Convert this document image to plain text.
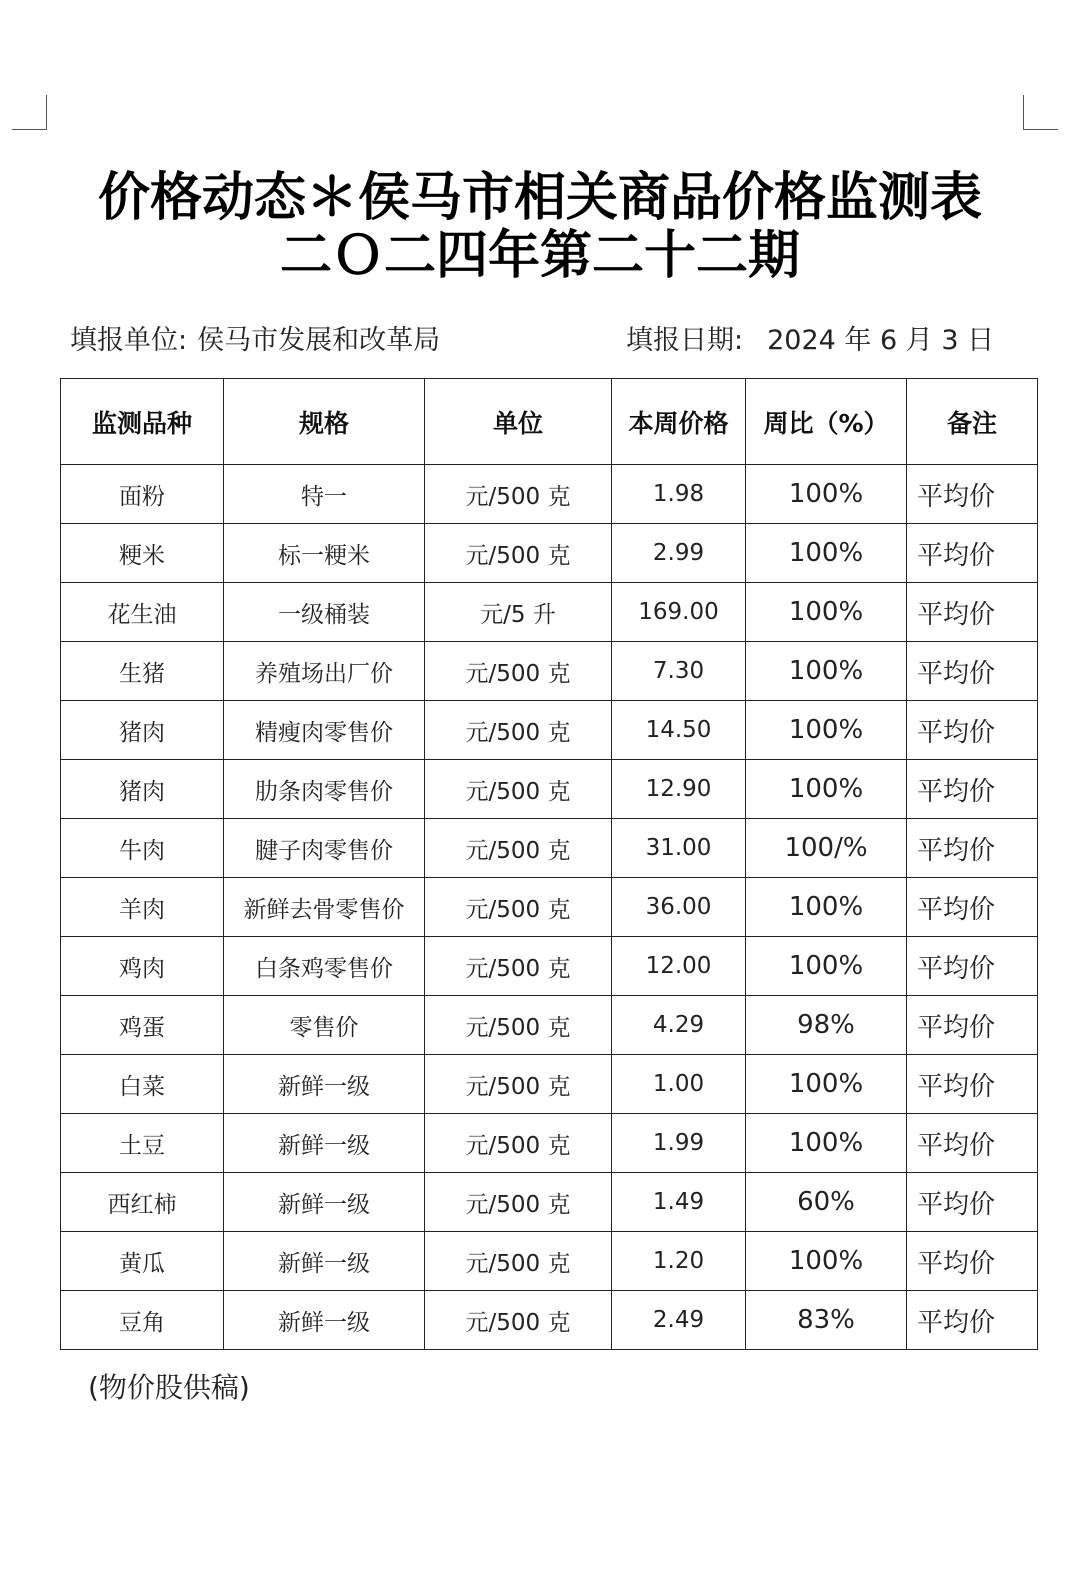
价格动态＊侯马市相关商品价格监测表
二Ｏ二四年第二十二期
填报单位: 侯马市发展和改革局	填报日期: 2024 年 6 月 3 日
监测品种	规格	单位	本周价格	周比（%）	备注
面粉	特一	元/500 克	1.98	100%	平均价
粳米	标一粳米	元/500 克	2.99	100%	平均价
花生油	一级桶装	元/5 升	169.00	100%	平均价
生猪	养殖场出厂价	元/500 克	7.30	100%	平均价
猪肉	精瘦肉零售价	元/500 克	14.50	100%	平均价
猪肉	肋条肉零售价	元/500 克	12.90	100%	平均价
牛肉	腱子肉零售价	元/500 克	31.00	100/%	平均价
羊肉	新鲜去骨零售价	元/500 克	36.00	100%	平均价
鸡肉	白条鸡零售价	元/500 克	12.00	100%	平均价
鸡蛋	零售价	元/500 克	4.29	98%	平均价
白菜	新鲜一级	元/500 克	1.00	100%	平均价
土豆	新鲜一级	元/500 克	1.99	100%	平均价
西红柿	新鲜一级	元/500 克	1.49	60%	平均价
黄瓜	新鲜一级	元/500 克	1.20	100%	平均价
豆角	新鲜一级	元/500 克	2.49	83%	平均价
(物价股供稿)
